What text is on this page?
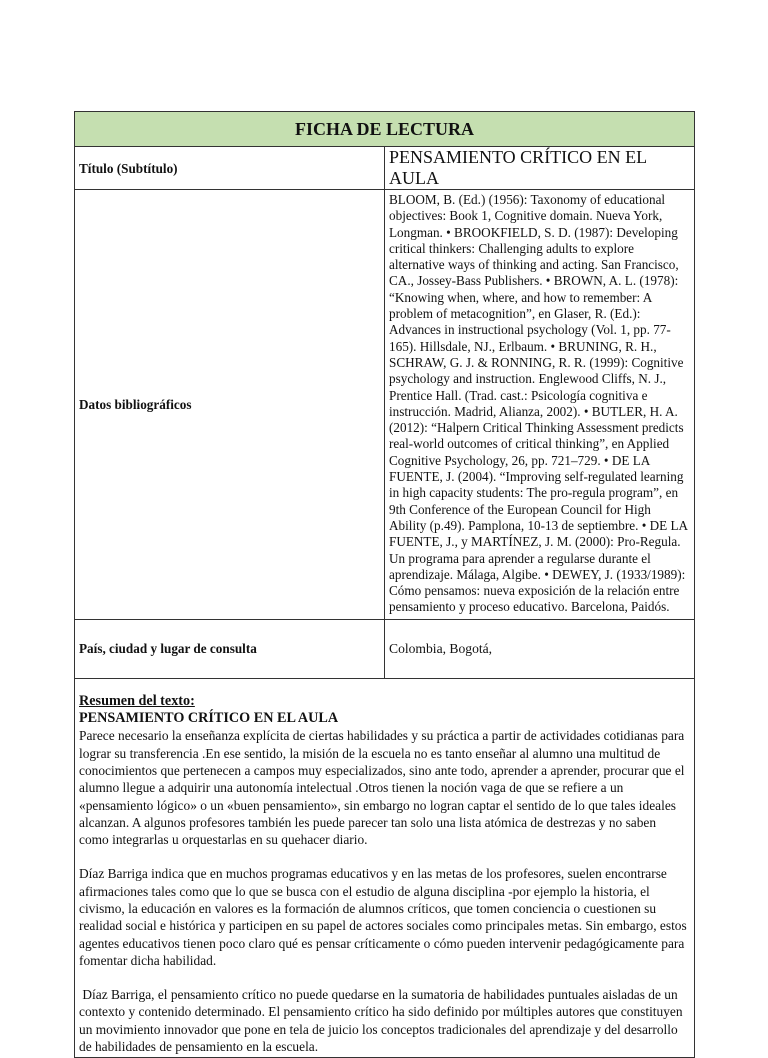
FICHA DE LECTURA	
Título (Subtítulo)	PENSAMIENTO CRÍTICO EN EL AULA
Datos bibliográficos	BLOOM, B. (Ed.) (1956): Taxonomy of educational objectives: Book 1, Cognitive domain. Nueva York, Longman. • BROOKFIELD, S. D. (1987): Developing critical thinkers: Challenging adults to explore alternative ways of thinking and acting. San Francisco, CA., Jossey-Bass Publishers. • BROWN, A. L. (1978): “Knowing when, where, and how to remember: A problem of metacognition”, en Glaser, R. (Ed.): Advances in instructional psychology (Vol. 1, pp. 77-165). Hillsdale, NJ., Erlbaum. • BRUNING, R. H., SCHRAW, G. J. & RONNING, R. R. (1999): Cognitive psychology and instruction. Englewood Cliffs, N. J., Prentice Hall. (Trad. cast.: Psicología cognitiva e instrucción. Madrid, Alianza, 2002). • BUTLER, H. A. (2012): “Halpern Critical Thinking Assessment predicts real-world outcomes of critical thinking”, en Applied Cognitive Psychology, 26, pp. 721–729. • DE LA FUENTE, J. (2004). “Improving self-regulated learning in high capacity students: The pro-regula program”, en 9th Conference of the European Council for High Ability (p.49). Pamplona, 10-13 de septiembre. • DE LA FUENTE, J., y MARTÍNEZ, J. M. (2000): Pro-Regula. Un programa para aprender a regularse durante el aprendizaje. Málaga, Algibe. • DEWEY, J. (1933/1989): Cómo pensamos: nueva exposición de la relación entre pensamiento y proceso educativo. Barcelona, Paidós.
País, ciudad y lugar de consulta	Colombia, Bogotá,

Resumen del texto:
PENSAMIENTO CRÍTICO EN EL AULA

Parece necesario la enseñanza explícita de ciertas habilidades y su práctica a partir de actividades cotidianas para lograr su transferencia .En ese sentido, la misión de la escuela no es tanto enseñar al alumno una multitud de conocimientos que pertenecen a campos muy especializados, sino ante todo, aprender a aprender, procurar que el alumno llegue a adquirir una autonomía intelectual .Otros tienen la noción vaga de que se refiere a un «pensamiento lógico» o un «buen pensamiento», sin embargo no logran captar el sentido de lo que tales ideales alcanzan. A algunos profesores también les puede parecer tan solo una lista atómica de destrezas y no saben como integrarlas u orquestarlas en su quehacer diario.

Díaz Barriga indica que en muchos programas educativos y en las metas de los profesores, suelen encontrarse afirmaciones tales como que lo que se busca con el estudio de alguna disciplina -por ejemplo la historia, el civismo, la educación en valores es la formación de alumnos críticos, que tomen conciencia o cuestionen su realidad social e histórica y participen en su papel de actores sociales como principales metas. Sin embargo, estos agentes educativos tienen poco claro qué es pensar críticamente o cómo pueden intervenir pedagógicamente para fomentar dicha habilidad.

Díaz Barriga, el pensamiento crítico no puede quedarse en la sumatoria de habilidades puntuales aisladas de un contexto y contenido determinado. El pensamiento crítico ha sido definido por múltiples autores que constituyen un movimiento innovador que pone en tela de juicio los conceptos tradicionales del aprendizaje y del desarrollo de habilidades de pensamiento en la escuela.	
